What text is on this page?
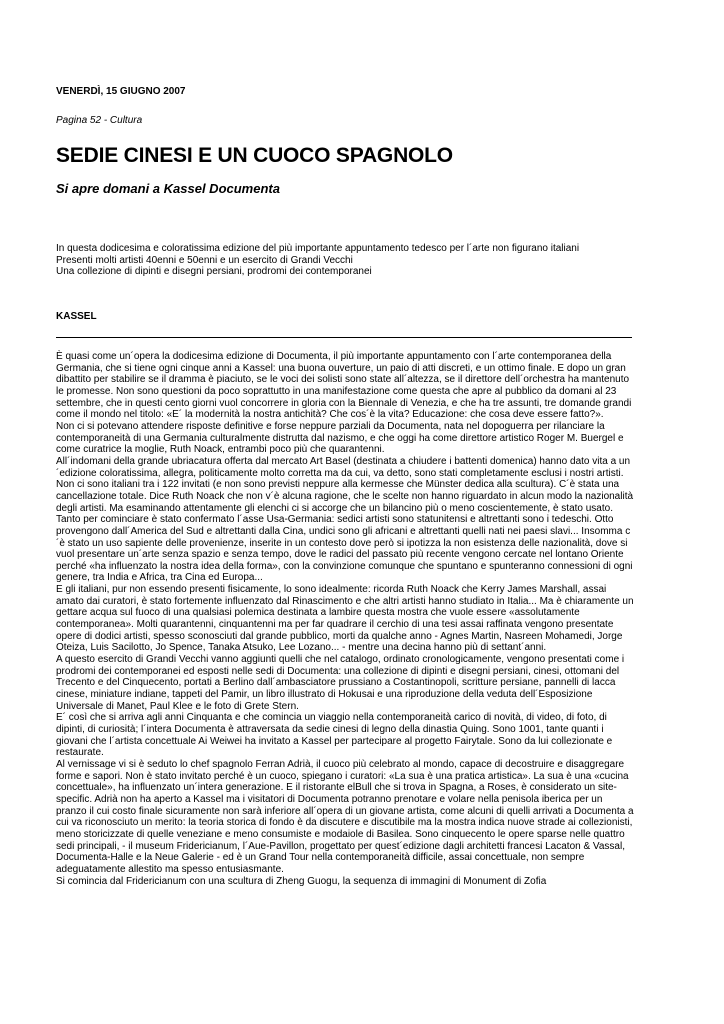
VENERDÌ, 15 GIUGNO 2007
Pagina 52 - Cultura
SEDIE CINESI E UN CUOCO SPAGNOLO
Si apre domani a Kassel Documenta

In questa dodicesima e coloratissima edizione del più importante appuntamento tedesco per l´arte non figurano italiani

Presenti molti artisti 40enni e 50enni e un esercito di Grandi Vecchi

Una collezione di dipinti e disegni persiani, prodromi dei contemporanei

KASSEL

È quasi come un´opera la dodicesima edizione di Documenta, il più importante appuntamento con l´arte contemporanea della Germania, che si tiene ogni cinque anni a Kassel: una buona ouverture, un paio di atti discreti, e un ottimo finale. E dopo un gran dibattito per stabilire se il dramma è piaciuto, se le voci dei solisti sono state all´altezza, se il direttore dell´orchestra ha mantenuto le promesse. Non sono questioni da poco soprattutto in una manifestazione come questa che apre al pubblico da domani al 23 settembre, che in questi cento giorni vuol concorrere in gloria con la Biennale di Venezia, e che ha tre assunti, tre domande grandi come il mondo nel titolo: «E´ la modernità la nostra antichità? Che cos´è la vita? Educazione: che cosa deve essere fatto?».

Non ci si potevano attendere risposte definitive e forse neppure parziali da Documenta, nata nel dopoguerra per rilanciare la contemporaneità di una Germania culturalmente distrutta dal nazismo, e che oggi ha come direttore artistico Roger M. Buergel e come curatrice la moglie, Ruth Noack, entrambi poco più che quarantenni.

All´indomani della grande ubriacatura offerta dal mercato Art Basel (destinata a chiudere i battenti domenica) hanno dato vita a un´edizione coloratissima, allegra, politicamente molto corretta ma da cui, va detto, sono stati completamente esclusi i nostri artisti.

Non ci sono italiani tra i 122 invitati (e non sono previsti neppure alla kermesse che Münster dedica alla scultura). C´è stata una cancellazione totale. Dice Ruth Noack che non v´è alcuna ragione, che le scelte non hanno riguardato in alcun modo la nazionalità degli artisti. Ma esaminando attentamente gli elenchi ci si accorge che un bilancino più o meno coscientemente, è stato usato. Tanto per cominciare è stato confermato l´asse Usa-Germania: sedici artisti sono statunitensi e altrettanti sono i tedeschi. Otto provengono dall´America del Sud e altrettanti dalla Cina, undici sono gli africani e altrettanti quelli nati nei paesi slavi... Insomma c´è stato un uso sapiente delle provenienze, inserite in un contesto dove però si ipotizza la non esistenza delle nazionalità, dove si vuol presentare un´arte senza spazio e senza tempo, dove le radici del passato più recente vengono cercate nel lontano Oriente perché «ha influenzato la nostra idea della forma», con la convinzione comunque che spuntano e spunteranno connessioni di ogni genere, tra India e Africa, tra Cina ed Europa...

E gli italiani, pur non essendo presenti fisicamente, lo sono idealmente: ricorda Ruth Noack che Kerry James Marshall, assai amato dai curatori, è stato fortemente influenzato dal Rinascimento e che altri artisti hanno studiato in Italia... Ma è chiaramente un gettare acqua sul fuoco di una qualsiasi polemica destinata a lambire questa mostra che vuole essere «assolutamente contemporanea». Molti quarantenni, cinquantenni ma per far quadrare il cerchio di una tesi assai raffinata vengono presentate opere di dodici artisti, spesso sconosciuti dal grande pubblico, morti da qualche anno - Agnes Martin, Nasreen Mohamedi, Jorge Oteiza, Luis Sacilotto, Jo Spence, Tanaka Atsuko, Lee Lozano... - mentre una decina hanno più di settant´anni.

A questo esercito di Grandi Vecchi vanno aggiunti quelli che nel catalogo, ordinato cronologicamente, vengono presentati come i prodromi dei contemporanei ed esposti nelle sedi di Documenta: una collezione di dipinti e disegni persiani, cinesi, ottomani del Trecento e del Cinquecento, portati a Berlino dall´ambasciatore prussiano a Costantinopoli, scritture persiane, pannelli di lacca cinese, miniature indiane, tappeti del Pamir, un libro illustrato di Hokusai e una riproduzione della veduta dell´Esposizione Universale di Manet, Paul Klee e le foto di Grete Stern.

E´ così che si arriva agli anni Cinquanta e che comincia un viaggio nella contemporaneità carico di novità, di video, di foto, di dipinti, di curiosità; l´intera Documenta è attraversata da sedie cinesi di legno della dinastia Quing. Sono 1001, tante quanti i giovani che l´artista concettuale Ai Weiwei ha invitato a Kassel per partecipare al progetto Fairytale. Sono da lui collezionate e restaurate.

Al vernissage vi si è seduto lo chef spagnolo Ferran Adrià, il cuoco più celebrato al mondo, capace di decostruire e disaggregare forme e sapori. Non è stato invitato perché è un cuoco, spiegano i curatori: «La sua è una pratica artistica». La sua è una «cucina concettuale», ha influenzato un´intera generazione. E il ristorante elBull che si trova in Spagna, a Roses, è considerato un site-specific. Adrià non ha aperto a Kassel ma i visitatori di Documenta potranno prenotare e volare nella penisola iberica per un pranzo il cui costo finale sicuramente non sarà inferiore all´opera di un giovane artista, come alcuni di quelli arrivati a Documenta a cui va riconosciuto un merito: la teoria storica di fondo è da discutere e discutibile ma la mostra indica nuove strade ai collezionisti, meno storicizzate di quelle veneziane e meno consumiste e modaiole di Basilea. Sono cinquecento le opere sparse nelle quattro sedi principali, - il museum Fridericianum, l´Aue-Pavillon, progettato per quest´edizione dagli architetti francesi Lacaton & Vassal, Documenta-Halle e la Neue Galerie - ed è un Grand Tour nella contemporaneità difficile, assai concettuale, non sempre adeguatamente allestito ma spesso entusiasmante.

Si comincia dal Fridericianum con una scultura di Zheng Guogu, la sequenza di immagini di Monument di Zofia
